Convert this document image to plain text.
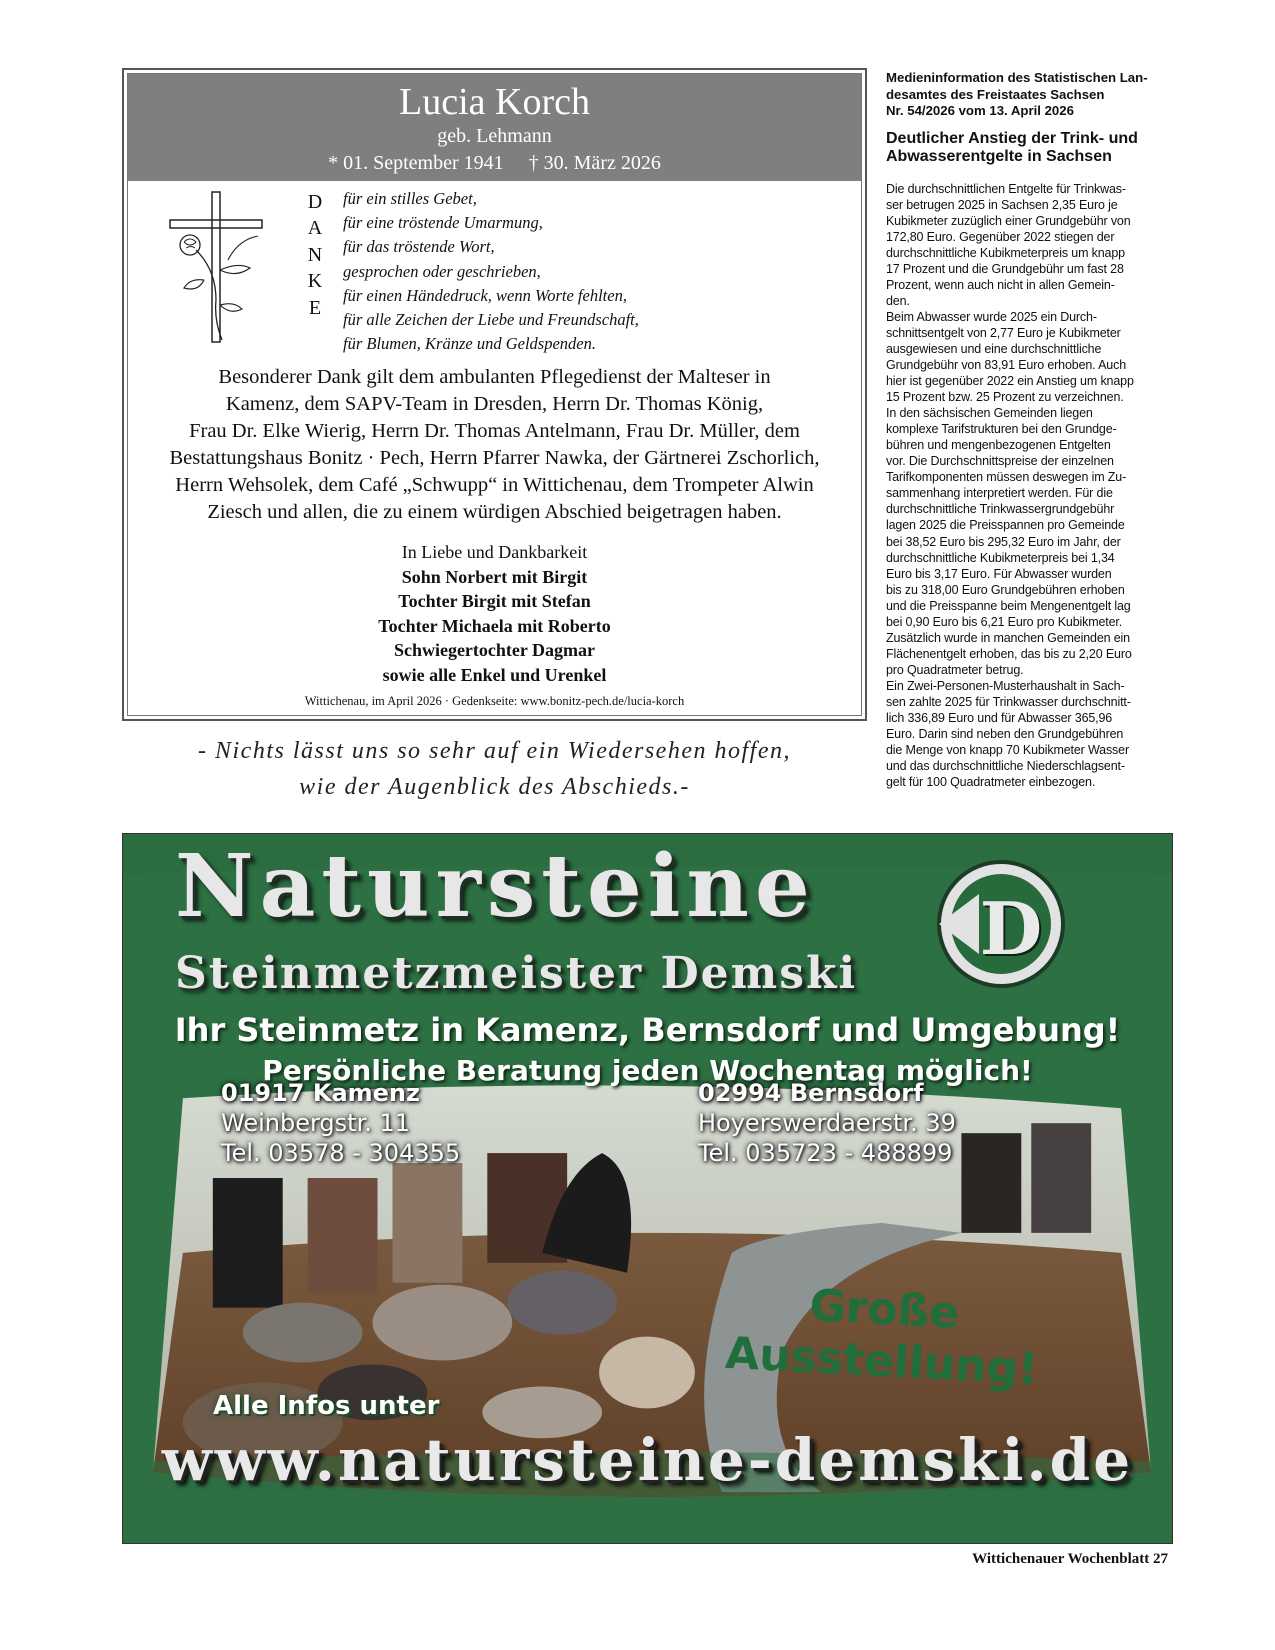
Lucia Korch
geb. Lehmann
* 01. September 1941     † 30. März 2026
D
A
N
K
E
für ein stilles Gebet,
für eine tröstende Umarmung,
für das tröstende Wort,
gesprochen oder geschrieben,
für einen Händedruck, wenn Worte fehlten,
für alle Zeichen der Liebe und Freundschaft,
für Blumen, Kränze und Geldspenden.
Besonderer Dank gilt dem ambulanten Pflegedienst der Malteser in
Kamenz, dem SAPV-Team in Dresden, Herrn Dr. Thomas König,
Frau Dr. Elke Wierig, Herrn Dr. Thomas Antelmann, Frau Dr. Müller, dem
Bestattungshaus Bonitz · Pech, Herrn Pfarrer Nawka, der Gärtnerei Zschorlich,
Herrn Wehsolek, dem Café „Schwupp“ in Wittichenau, dem Trompeter Alwin
Ziesch und allen, die zu einem würdigen Abschied beigetragen haben.
In Liebe und Dankbarkeit
Sohn Norbert mit Birgit
Tochter Birgit mit Stefan
Tochter Michaela mit Roberto
Schwiegertochter Dagmar
sowie alle Enkel und Urenkel
Wittichenau, im April 2026 · Gedenkseite: www.bonitz-pech.de/lucia-korch
- Nichts lässt uns so sehr auf ein Wiedersehen hoffen,
wie der Augenblick des Abschieds.-
Medieninformation des Statistischen Lan-
desamtes des Freistaates Sachsen
Nr. 54/2026 vom 13. April 2026
Deutlicher Anstieg der Trink- und
Abwasserentgelte in Sachsen
Die durchschnittlichen Entgelte für Trinkwas-
ser betrugen 2025 in Sachsen 2,35 Euro je
Kubikmeter zuzüglich einer Grundgebühr von
172,80 Euro. Gegenüber 2022 stiegen der
durchschnittliche Kubikmeterpreis um knapp
17 Prozent und die Grundgebühr um fast 28
Prozent, wenn auch nicht in allen Gemein-
den.
Beim Abwasser wurde 2025 ein Durch-
schnittsentgelt von 2,77 Euro je Kubikmeter
ausgewiesen und eine durchschnittliche
Grundgebühr von 83,91 Euro erhoben. Auch
hier ist gegenüber 2022 ein Anstieg um knapp
15 Prozent bzw. 25 Prozent zu verzeichnen.
In den sächsischen Gemeinden liegen
komplexe Tarifstrukturen bei den Grundge-
bühren und mengenbezogenen Entgelten
vor. Die Durchschnittspreise der einzelnen
Tarifkomponenten müssen deswegen im Zu-
sammenhang interpretiert werden. Für die
durchschnittliche Trinkwassergrundgebühr
lagen 2025 die Preisspannen pro Gemeinde
bei 38,52 Euro bis 295,32 Euro im Jahr, der
durchschnittliche Kubikmeterpreis bei 1,34
Euro bis 3,17 Euro. Für Abwasser wurden
bis zu 318,00 Euro Grundgebühren erhoben
und die Preisspanne beim Mengenentgelt lag
bei 0,90 Euro bis 6,21 Euro pro Kubikmeter.
Zusätzlich wurde in manchen Gemeinden ein
Flächenentgelt erhoben, das bis zu 2,20 Euro
pro Quadratmeter betrug.
Ein Zwei-Personen-Musterhaushalt in Sach-
sen zahlte 2025 für Trinkwasser durchschnitt-
lich 336,89 Euro und für Abwasser 365,96
Euro. Darin sind neben den Grundgebühren
die Menge von knapp 70 Kubikmeter Wasser
und das durchschnittliche Niederschlagsent-
gelt für 100 Quadratmeter einbezogen.
D
Natursteine
Steinmetzmeister Demski
Ihr Steinmetz in Kamenz, Bernsdorf und Umgebung!
Persönliche Beratung jeden Wochentag möglich!
01917 Kamenz
Weinbergstr. 11
Tel. 03578 - 304355
02994 Bernsdorf
Hoyerswerdaerstr. 39
Tel. 035723 - 488899
Große
Ausstellung!
Alle Infos unter
www.natursteine-demski.de
Wittichenauer Wochenblatt 27
